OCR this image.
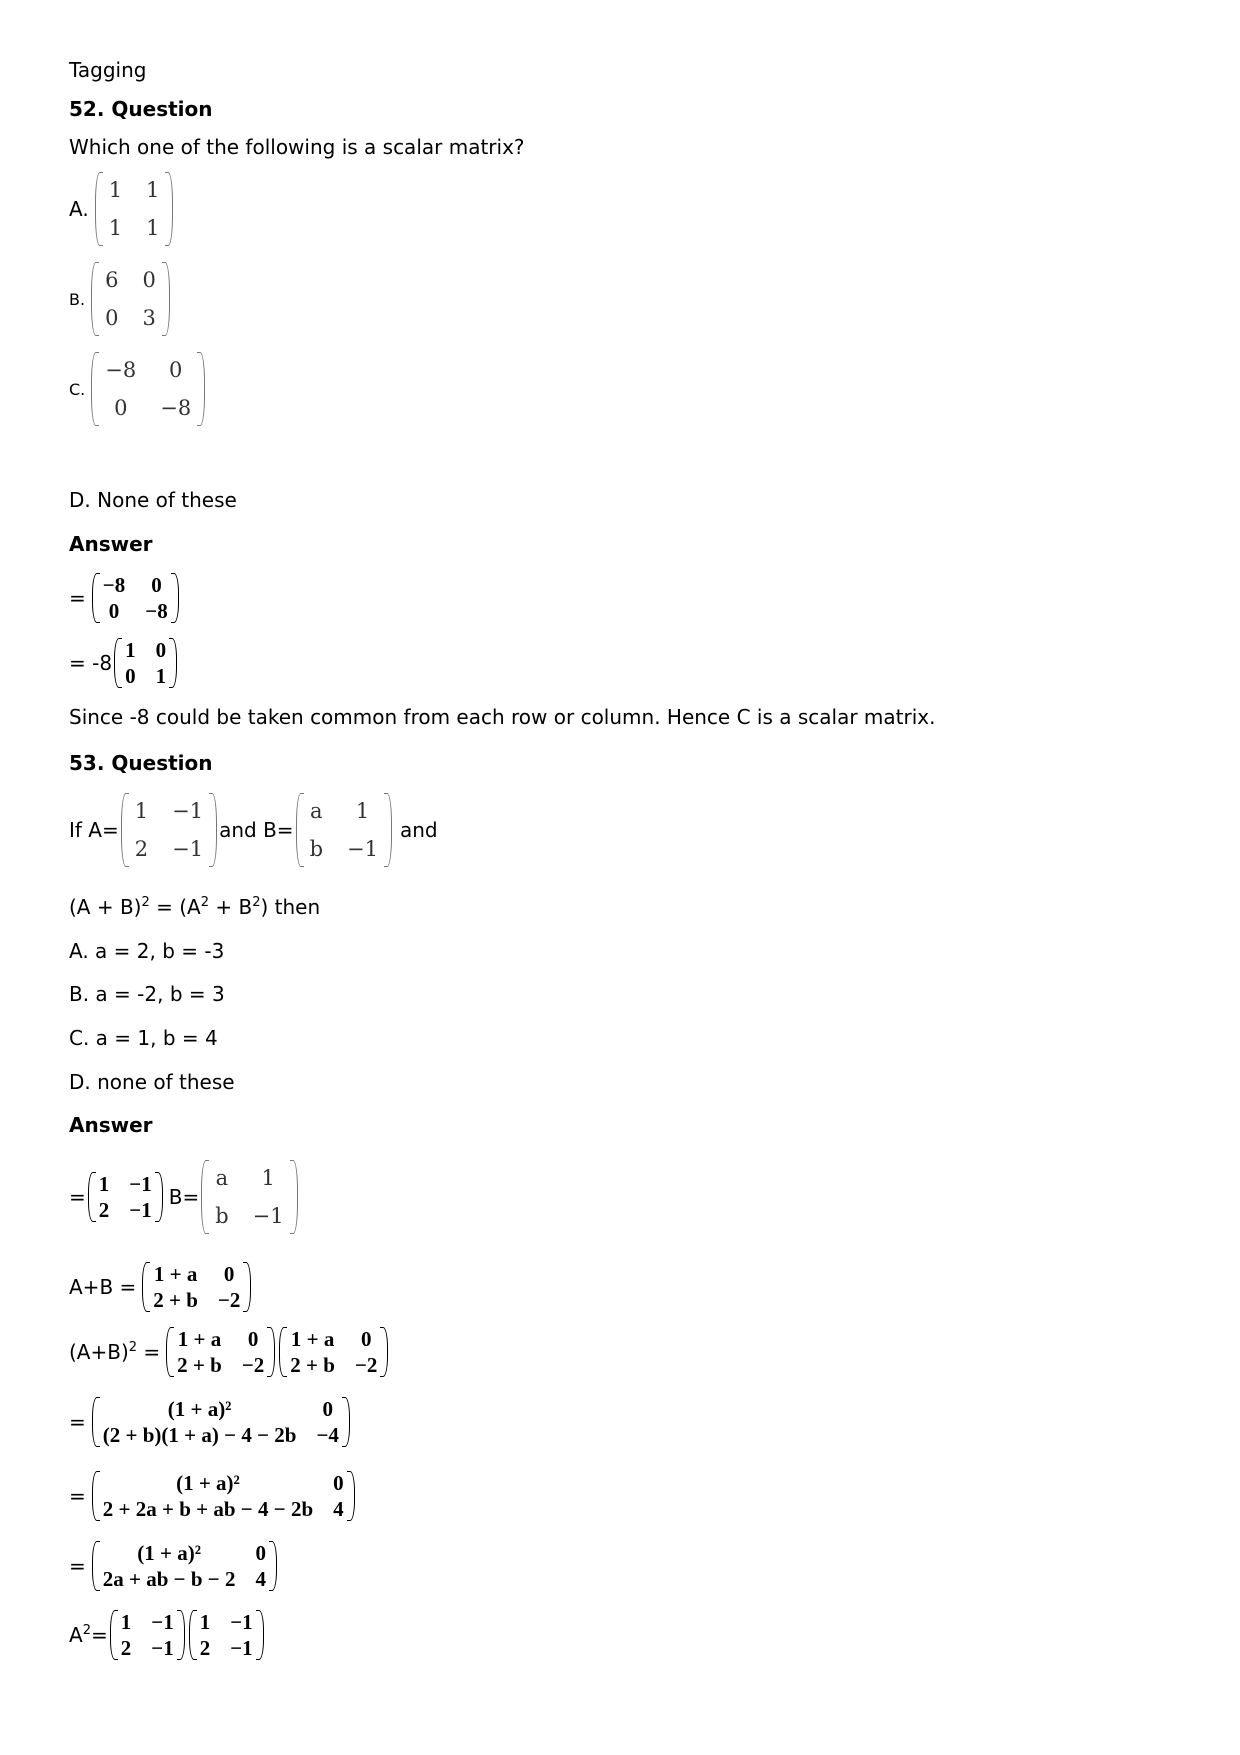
Tagging
52. Question
Which one of the following is a scalar matrix?
A.
1 1
1 1
B.
6 0
0 3
C.
−8	0
0	−8
D. None of these
Answer
=
−8 0
0 −8
= -8
1 0
0 1
Since -8 could be taken common from each row or column. Hence C is a scalar matrix.
53. Question
If A=
1 −1
2 −1
and B=
a	1
b −1
and
$(A + B)^2 = (A^2 + B^2)$ then
A. a = 2, b = -3
B. a = -2, b = 3
C. a = 1, b = 4
D. none of these
Answer
=
1 −1
2 −1
B=
a	1
b −1
A+B =
1 + a 0
2 + b −2
$(A+B)^2$ =
1 + a 0
2 + b −2
1 + a 0
2 + b −2
=
(1 + a)²	0
(2 + b)(1 + a) − 4 − 2b −4
=
(1 + a)²	0
2 + 2a + b + ab − 4 − 2b 4
=
(1 + a)²	0
2a + ab − b − 2 4
$A^2=$
1 −1
2 −1
1 −1
2 −1
